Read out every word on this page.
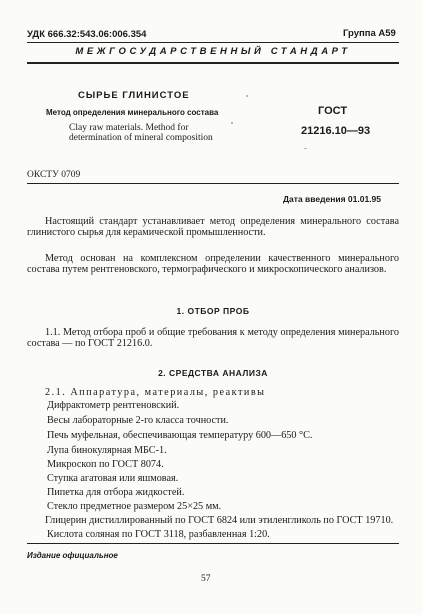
УДК 666.32:543.06:006.354	Группа А59
МЕЖГОСУДАРСТВЕННЫЙ СТАНДАРТ
СЫРЬЕ ГЛИНИСТОЕ
Метод определения минерального состава
Clay raw materials. Method for
determination of mineral composition
ГОСТ
21216.10—93
ОКСТУ 0709
Дата введения 01.01.95
Настоящий стандарт устанавливает метод определения минерального состава глинистого сырья для керамической промышленности.
Метод основан на комплексном определении качественного минерального состава путем рентгеновского, термографического и микроскопического анализов.
1. ОТБОР ПРОБ
1.1. Метод отбора проб и общие требования к методу определения минерального состава — по ГОСТ 21216.0.
2. СРЕДСТВА АНАЛИЗА
2.1. Аппаратура, материалы, реактивы
Дифрактометр рентгеновский.
Весы лабораторные 2-го класса точности.
Печь муфельная, обеспечивающая температуру 600—650 °С.
Лупа бинокулярная МБС-1.
Микроскоп по ГОСТ 8074.
Ступка агатовая или яшмовая.
Пипетка для отбора жидкостей.
Стекло предметное размером 25×25 мм.
Глицерин дистиллированный по ГОСТ 6824 или этиленгликоль по ГОСТ 19710.
Кислота соляная по ГОСТ 3118, разбавленная 1:20.
Издание официальное
57
